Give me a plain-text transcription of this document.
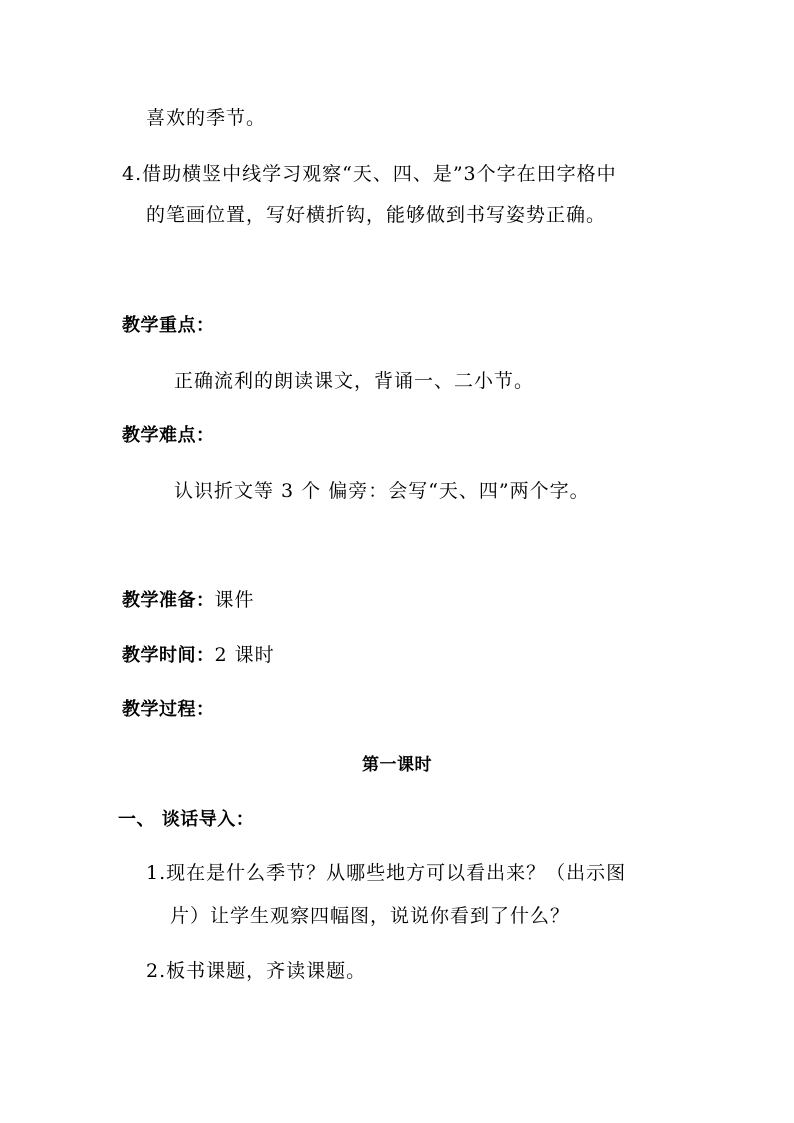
喜欢的季节。
4.借助横竖中线学习观察“天、四、是”3个字在田字格中
的笔画位置，写好横折钩，能够做到书写姿势正确。
教学重点：
正确流利的朗读课文，背诵一、二小节。
教学难点：
认识折文等 3 个 偏旁：会写“天、四”两个字。
教学准备：课件
教学时间：2 课时
教学过程：
第一课时
一、 谈话导入：
1.现在是什么季节？从哪些地方可以看出来？（出示图
片）让学生观察四幅图，说说你看到了什么？
2.板书课题，齐读课题。
